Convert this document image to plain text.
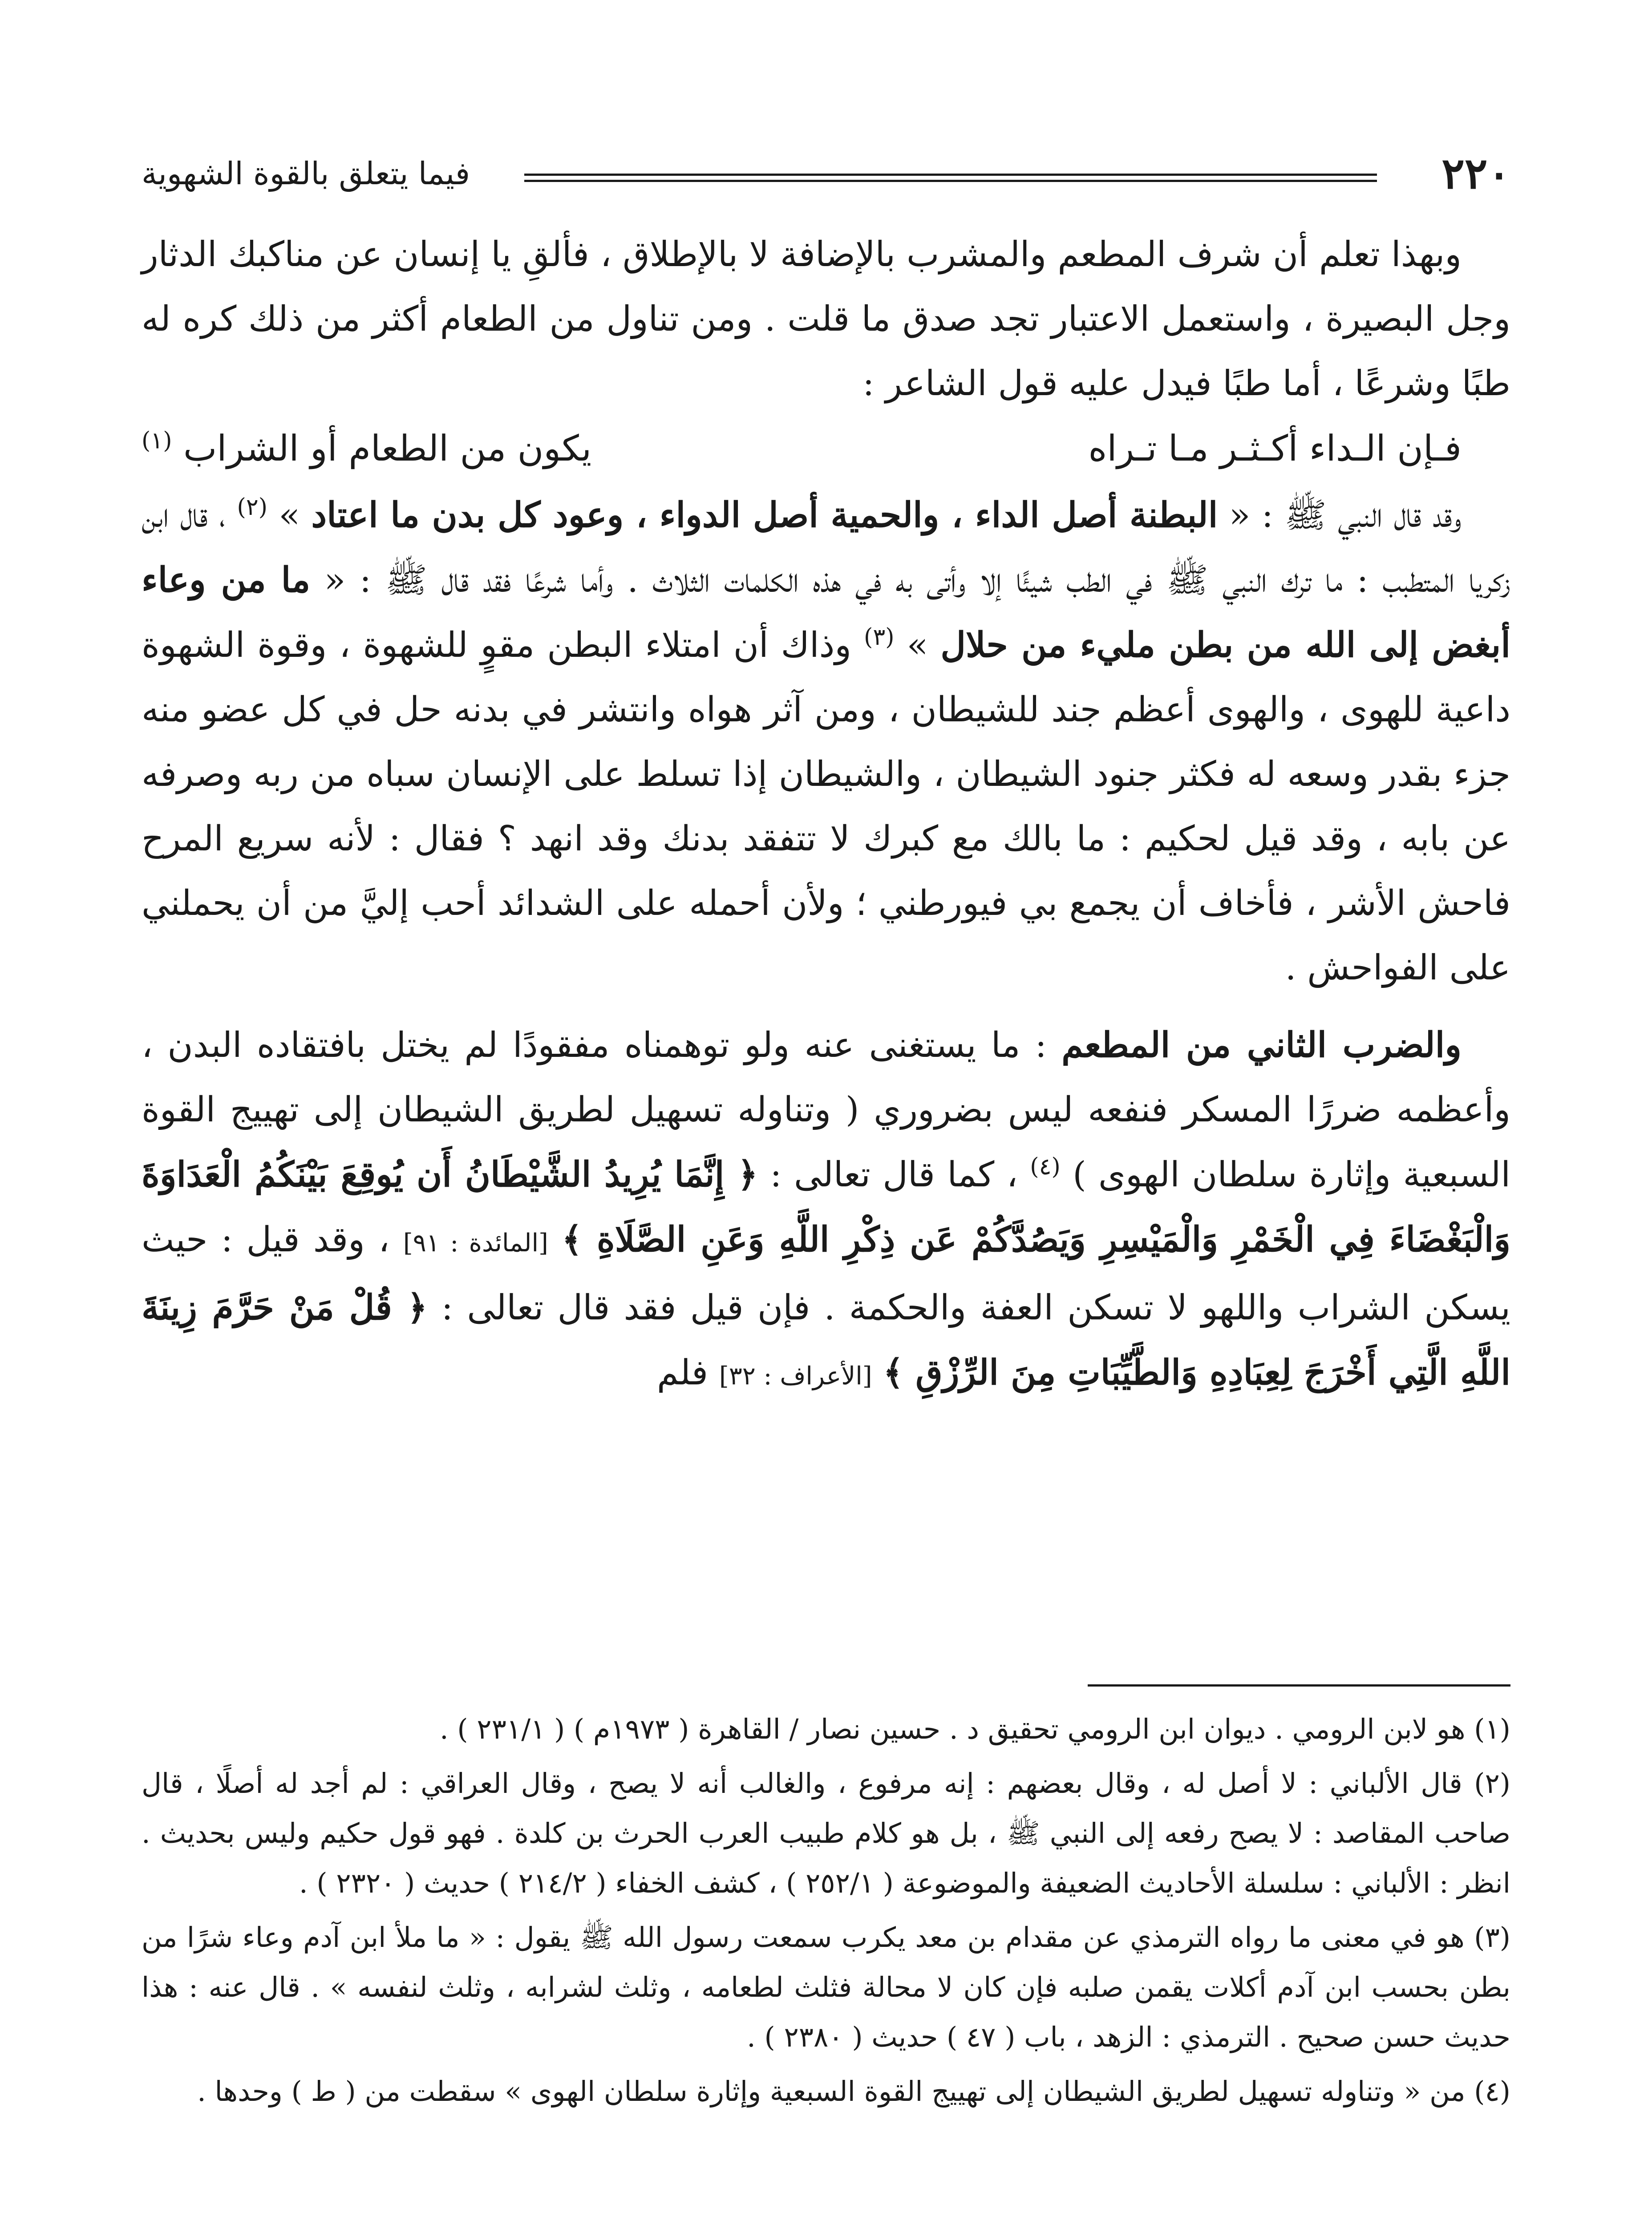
٢٢٠
فيما يتعلق بالقوة الشهوية

وبهذا تعلم أن شرف المطعم والمشرب بالإضافة لا بالإطلاق ، فألقِ يا إنسان عن مناكبك الدثار وجل البصيرة ، واستعمل الاعتبار تجد صدق ما قلت . ومن تناول من الطعام أكثر من ذلك كره له طبًا وشرعًا ، أما طبًا فيدل عليه قول الشاعر :

فـإن الـداء أكـثـر مـا تـراه
يكون من الطعام أو الشراب $^{(١)}$

وقد قال النبي ﷺ : « البطنة أصل الداء ، والحمية أصل الدواء ، وعود كل بدن ما اعتاد » $^{(٢)}$ ، قال ابن زكريا المتطبب : ما ترك النبي ﷺ في الطب شيئًا إلا وأتى به في هذه الكلمات الثلاث . وأما شرعًا فقد قال ﷺ : « ما من وعاء أبغض إلى الله من بطن مليء من حلال » $^{(٣)}$ وذاك أن امتلاء البطن مقوٍ للشهوة ، وقوة الشهوة داعية للهوى ، والهوى أعظم جند للشيطان ، ومن آثر هواه وانتشر في بدنه حل في كل عضو منه جزء بقدر وسعه له فكثر جنود الشيطان ، والشيطان إذا تسلط على الإنسان سباه من ربه وصرفه عن بابه ، وقد قيل لحكيم : ما بالك مع كبرك لا تتفقد بدنك وقد انهد ؟ فقال : لأنه سريع المرح فاحش الأشر ، فأخاف أن يجمع بي فيورطني ؛ ولأن أحمله على الشدائد أحب إليَّ من أن يحملني على الفواحش .

والضرب الثاني من المطعم : ما يستغنى عنه ولو توهمناه مفقودًا لم يختل بافتقاده البدن ، وأعظمه ضررًا المسكر فنفعه ليس بضروري ( وتناوله تسهيل لطريق الشيطان إلى تهييج القوة السبعية وإثارة سلطان الهوى ) $^{(٤)}$ ، كما قال تعالى : ﴿ إِنَّمَا يُرِيدُ الشَّيْطَانُ أَن يُوقِعَ بَيْنَكُمُ الْعَدَاوَةَ وَالْبَغْضَاءَ فِي الْخَمْرِ وَالْمَيْسِرِ وَيَصُدَّكُمْ عَن ذِكْرِ اللَّهِ وَعَنِ الصَّلَاةِ ﴾ [المائدة : ٩١] ، وقد قيل : حيث يسكن الشراب واللهو لا تسكن العفة والحكمة . فإن قيل فقد قال تعالى : ﴿ قُلْ مَنْ حَرَّمَ زِينَةَ اللَّهِ الَّتِي أَخْرَجَ لِعِبَادِهِ وَالطَّيِّبَاتِ مِنَ الرِّزْقِ ﴾ [الأعراف : ٣٢] فلم

(١) هو لابن الرومي . ديوان ابن الرومي تحقيق د . حسين نصار / القاهرة ( ١٩٧٣م ) ( ٢٣١/١ ) .

(٢) قال الألباني : لا أصل له ، وقال بعضهم : إنه مرفوع ، والغالب أنه لا يصح ، وقال العراقي : لم أجد له أصلًا ، قال صاحب المقاصد : لا يصح رفعه إلى النبي ﷺ ، بل هو كلام طبيب العرب الحرث بن كلدة . فهو قول حكيم وليس بحديث . انظر : الألباني : سلسلة الأحاديث الضعيفة والموضوعة ( ٢٥٢/١ ) ، كشف الخفاء ( ٢١٤/٢ ) حديث ( ٢٣٢٠ ) .

(٣) هو في معنى ما رواه الترمذي عن مقدام بن معد يكرب سمعت رسول الله ﷺ يقول : « ما ملأ ابن آدم وعاء شرًا من بطن بحسب ابن آدم أكلات يقمن صلبه فإن كان لا محالة فثلث لطعامه ، وثلث لشرابه ، وثلث لنفسه » . قال عنه : هذا حديث حسن صحيح . الترمذي : الزهد ، باب ( ٤٧ ) حديث ( ٢٣٨٠ ) .

(٤) من « وتناوله تسهيل لطريق الشيطان إلى تهييج القوة السبعية وإثارة سلطان الهوى » سقطت من ( ط ) وحدها .
